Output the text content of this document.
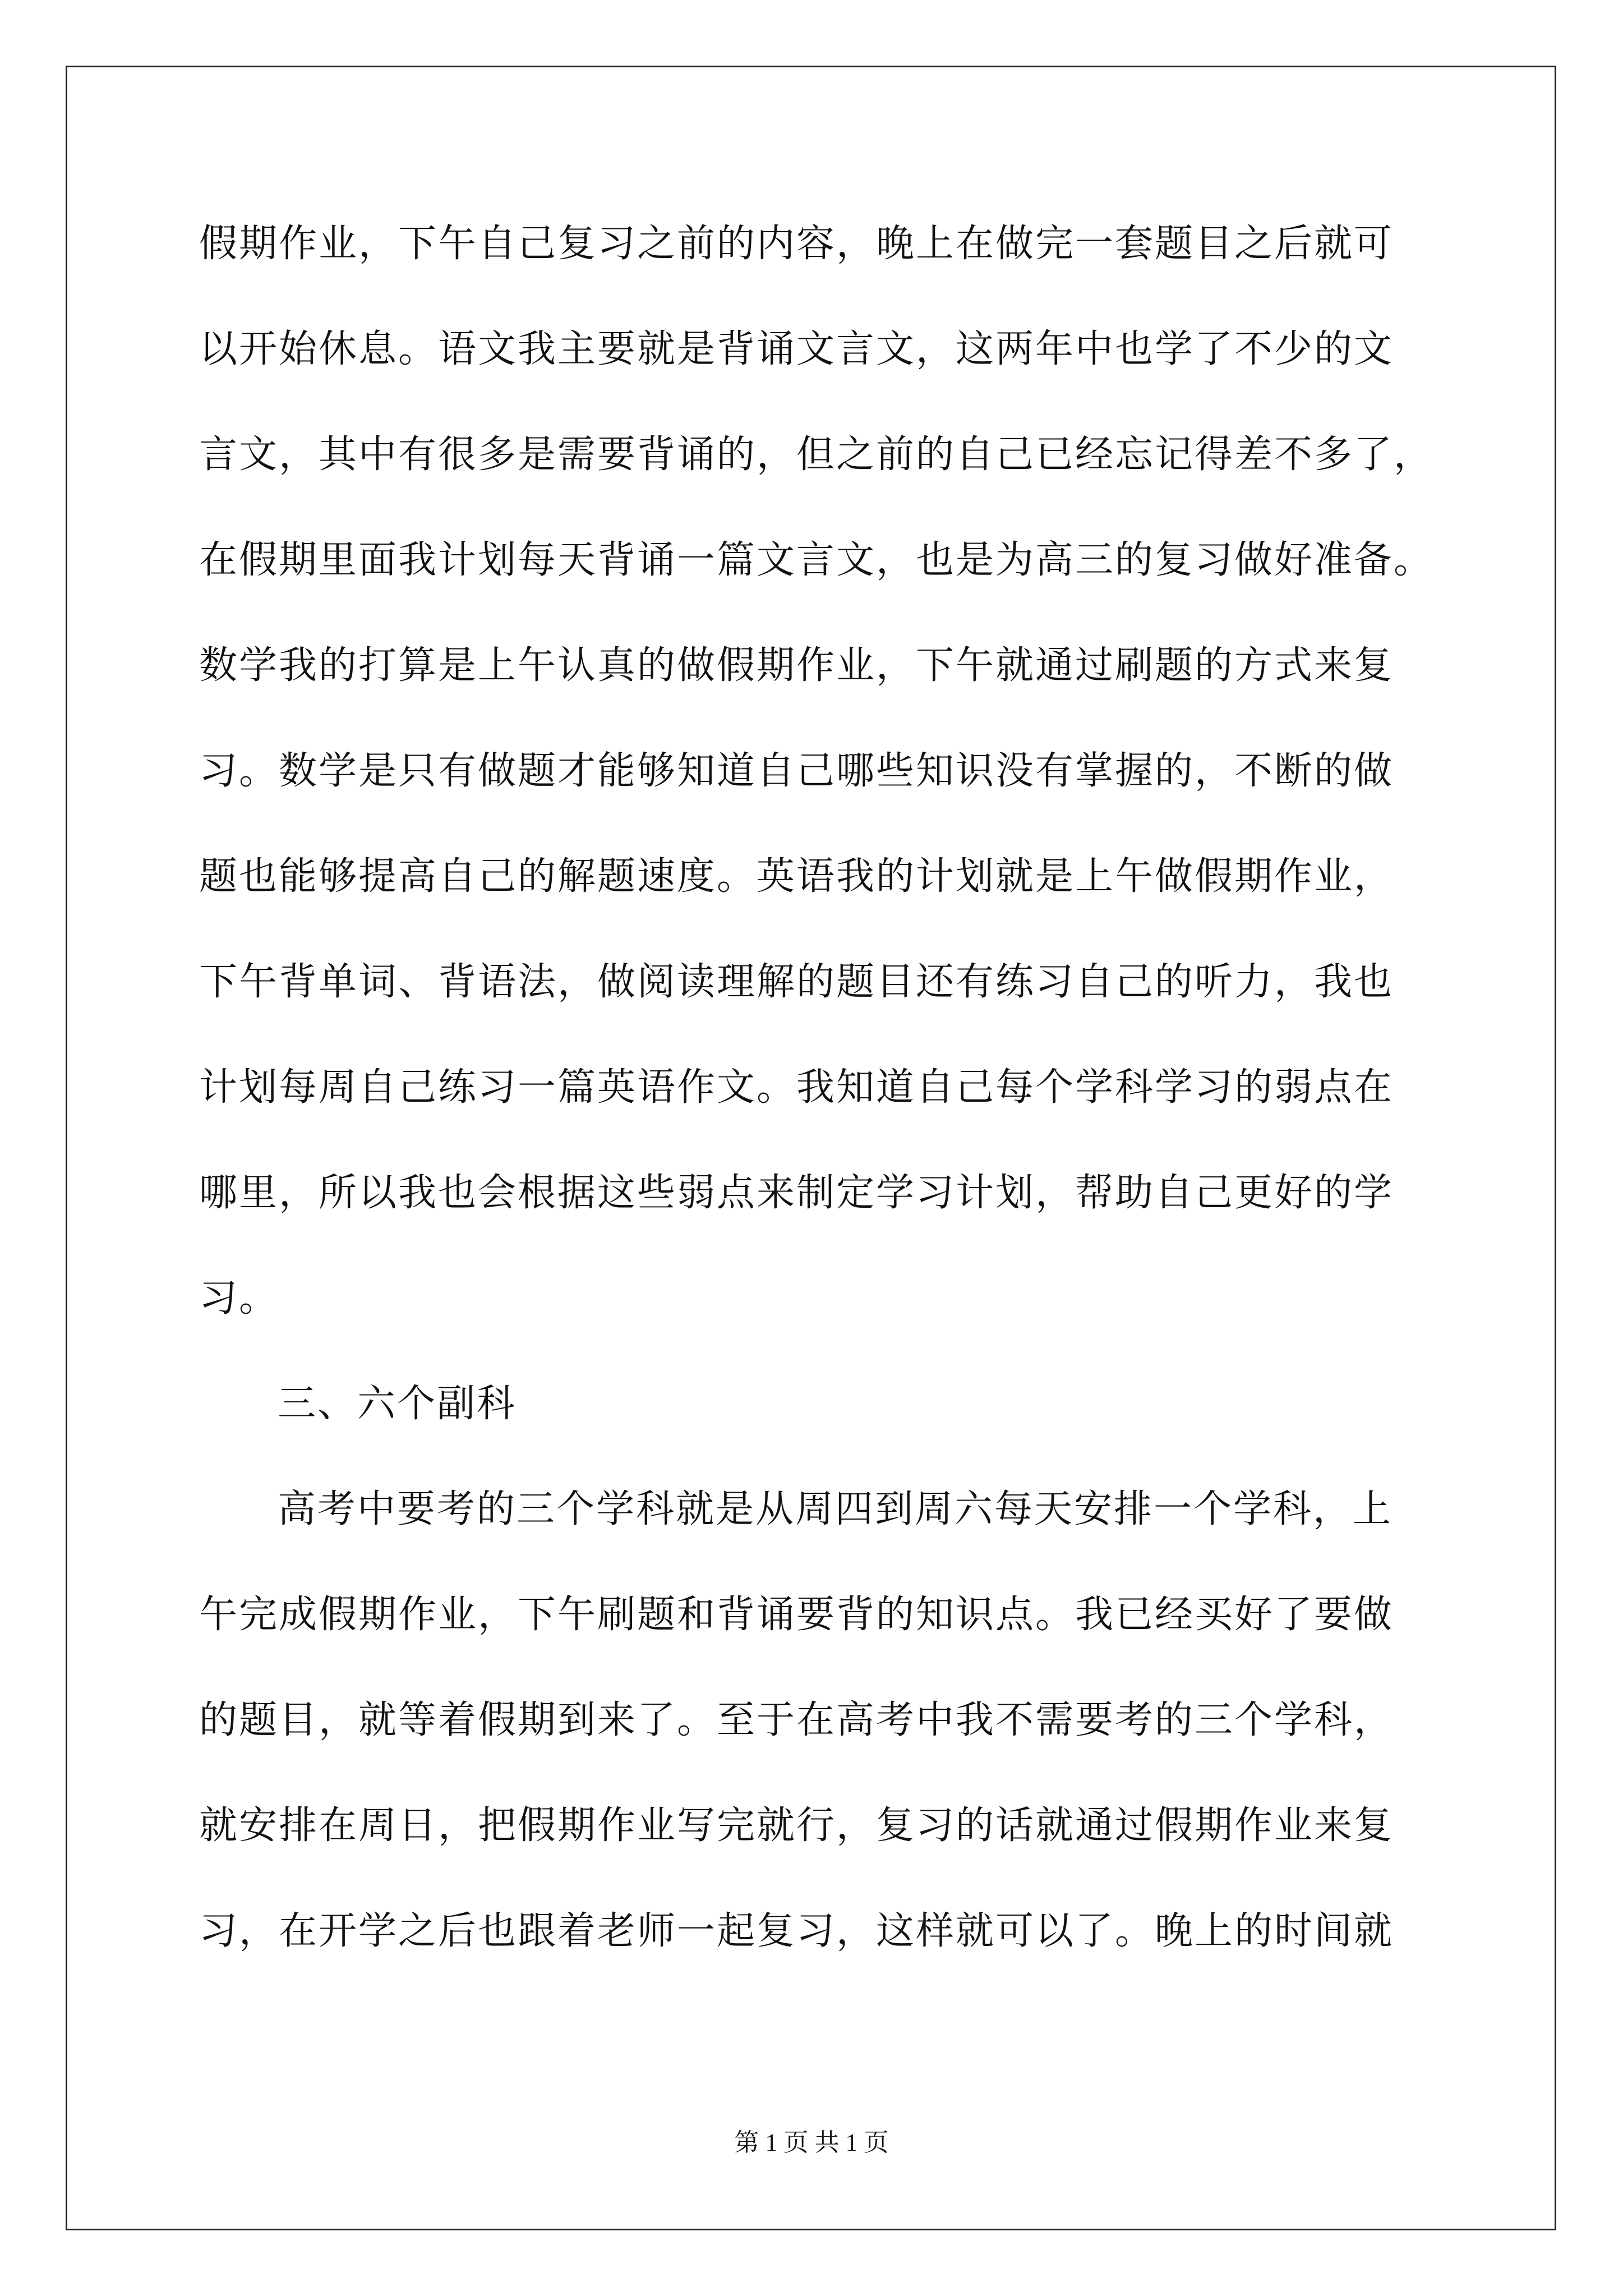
假期作业，下午自己复习之前的内容，晚上在做完一套题目之后就可
以开始休息。语文我主要就是背诵文言文，这两年中也学了不少的文
言文，其中有很多是需要背诵的，但之前的自己已经忘记得差不多了，
在假期里面我计划每天背诵一篇文言文，也是为高三的复习做好准备。
数学我的打算是上午认真的做假期作业，下午就通过刷题的方式来复
习。数学是只有做题才能够知道自己哪些知识没有掌握的，不断的做
题也能够提高自己的解题速度。英语我的计划就是上午做假期作业，
下午背单词、背语法，做阅读理解的题目还有练习自己的听力，我也
计划每周自己练习一篇英语作文。我知道自己每个学科学习的弱点在
哪里，所以我也会根据这些弱点来制定学习计划，帮助自己更好的学
习。
三、六个副科
高考中要考的三个学科就是从周四到周六每天安排一个学科，上
午完成假期作业，下午刷题和背诵要背的知识点。我已经买好了要做
的题目，就等着假期到来了。至于在高考中我不需要考的三个学科，
就安排在周日，把假期作业写完就行，复习的话就通过假期作业来复
习，在开学之后也跟着老师一起复习，这样就可以了。晚上的时间就
第 1 页 共 1 页
